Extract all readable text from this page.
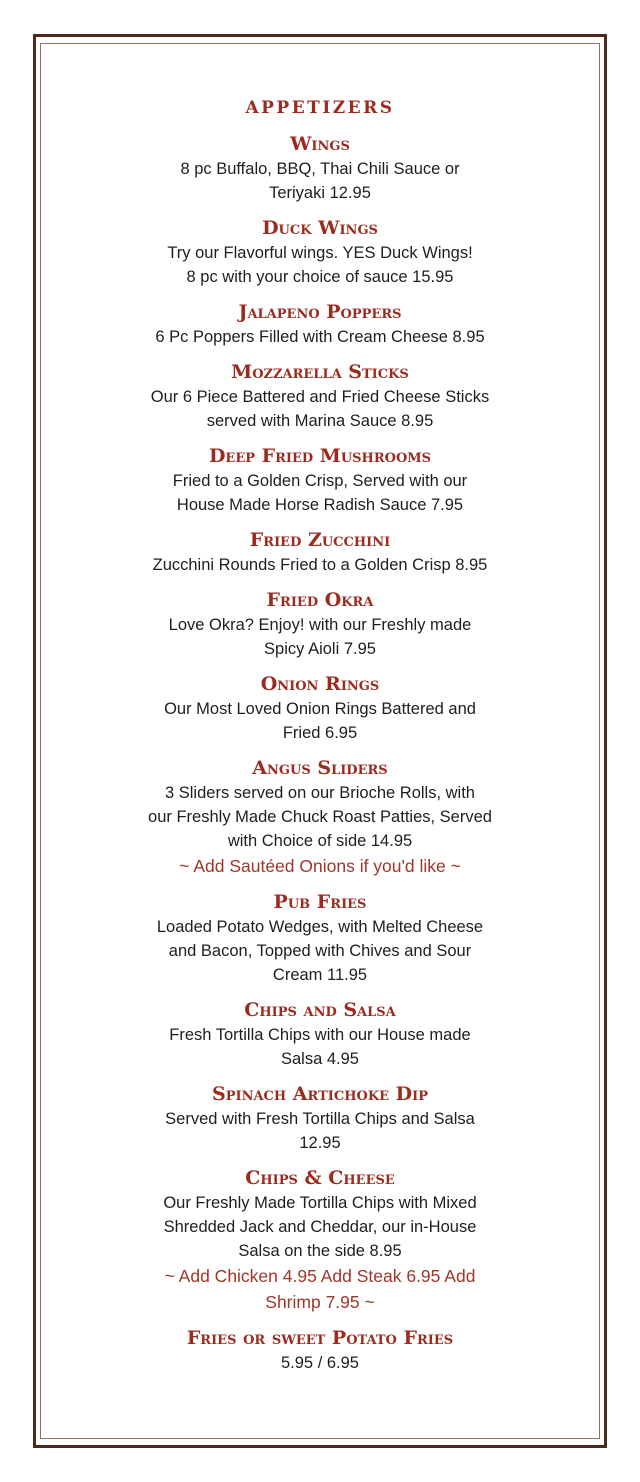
APPETIZERS

Wings

8 pc Buffalo, BBQ, Thai Chili Sauce or
Teriyaki 12.95

Duck Wings

Try our Flavorful wings. YES Duck Wings!
8 pc with your choice of sauce 15.95

Jalapeno Poppers

6 Pc Poppers Filled with Cream Cheese 8.95

Mozzarella Sticks

Our 6 Piece Battered and Fried Cheese Sticks
served with Marina Sauce 8.95

Deep Fried Mushrooms

Fried to a Golden Crisp, Served with our
House Made Horse Radish Sauce 7.95

Fried Zucchini

Zucchini Rounds Fried to a Golden Crisp 8.95

Fried Okra

Love Okra? Enjoy! with our Freshly made
Spicy Aioli 7.95

Onion Rings

Our Most Loved Onion Rings Battered and
Fried 6.95

Angus Sliders

3 Sliders served on our Brioche Rolls, with
our Freshly Made Chuck Roast Patties, Served
with Choice of side 14.95

~ Add Sautéed Onions if you'd like ~

Pub Fries

Loaded Potato Wedges, with Melted Cheese
and Bacon, Topped with Chives and Sour
Cream 11.95

Chips and Salsa

Fresh Tortilla Chips with our House made
Salsa 4.95

Spinach Artichoke Dip

Served with Fresh Tortilla Chips and Salsa
12.95

Chips & Cheese

Our Freshly Made Tortilla Chips with Mixed
Shredded Jack and Cheddar, our in-House
Salsa on the side 8.95

~ Add Chicken 4.95 Add Steak 6.95 Add
Shrimp 7.95 ~

Fries or sweet Potato Fries

5.95 / 6.95
